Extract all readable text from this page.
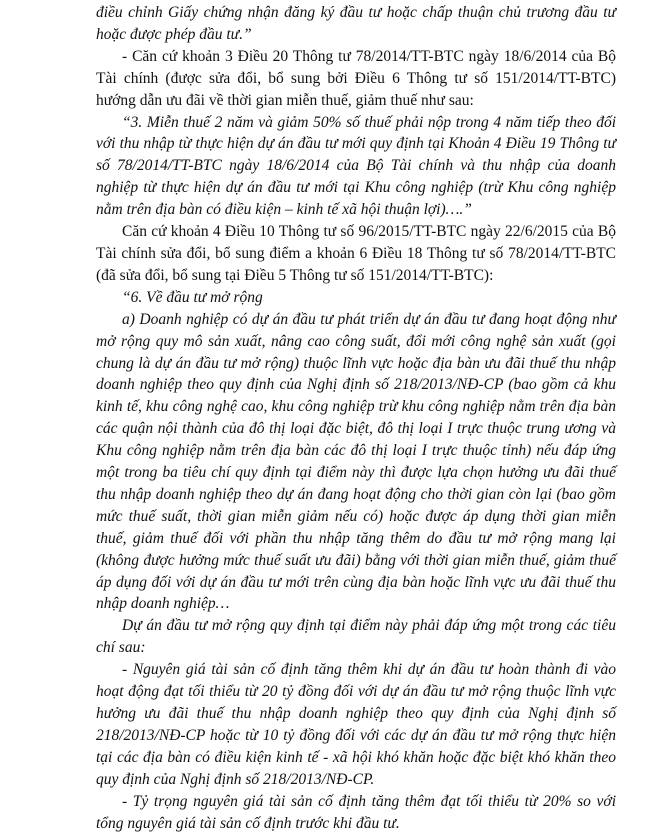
điều chỉnh Giấy chứng nhận đăng ký đầu tư hoặc chấp thuận chủ trương đầu tư hoặc được phép đầu tư.”

- Căn cứ khoản 3 Điều 20 Thông tư 78/2014/TT-BTC ngày 18/6/2014 của Bộ Tài chính (được sửa đổi, bổ sung bởi Điều 6 Thông tư số 151/2014/TT-BTC) hướng dẫn ưu đãi về thời gian miễn thuế, giảm thuế như sau:

“3. Miễn thuế 2 năm và giảm 50% số thuế phải nộp trong 4 năm tiếp theo đối với thu nhập từ thực hiện dự án đầu tư mới quy định tại Khoản 4 Điều 19 Thông tư số 78/2014/TT-BTC ngày 18/6/2014 của Bộ Tài chính và thu nhập của doanh nghiệp từ thực hiện dự án đầu tư mới tại Khu công nghiệp (trừ Khu công nghiệp nằm trên địa bàn có điều kiện – kinh tế xã hội thuận lợi)….”

Căn cứ khoản 4 Điều 10 Thông tư số 96/2015/TT-BTC ngày 22/6/2015 của Bộ Tài chính sửa đổi, bổ sung điểm a khoản 6 Điều 18 Thông tư số 78/2014/TT-BTC (đã sửa đổi, bổ sung tại Điều 5 Thông tư số 151/2014/TT-BTC):

“6. Về đầu tư mở rộng

a) Doanh nghiệp có dự án đầu tư phát triển dự án đầu tư đang hoạt động như mở rộng quy mô sản xuất, nâng cao công suất, đổi mới công nghệ sản xuất (gọi chung là dự án đầu tư mở rộng) thuộc lĩnh vực hoặc địa bàn ưu đãi thuế thu nhập doanh nghiệp theo quy định của Nghị định số 218/2013/NĐ-CP (bao gồm cả khu kinh tế, khu công nghệ cao, khu công nghiệp trừ khu công nghiệp nằm trên địa bàn các quận nội thành của đô thị loại đặc biệt, đô thị loại I trực thuộc trung ương và Khu công nghiệp nằm trên địa bàn các đô thị loại I trực thuộc tỉnh) nếu đáp ứng một trong ba tiêu chí quy định tại điểm này thì được lựa chọn hưởng ưu đãi thuế thu nhập doanh nghiệp theo dự án đang hoạt động cho thời gian còn lại (bao gồm mức thuế suất, thời gian miễn giảm nếu có) hoặc được áp dụng thời gian miễn thuế, giảm thuế đối với phần thu nhập tăng thêm do đầu tư mở rộng mang lại (không được hưởng mức thuế suất ưu đãi) bằng với thời gian miễn thuế, giảm thuế áp dụng đối với dự án đầu tư mới trên cùng địa bàn hoặc lĩnh vực ưu đãi thuế thu nhập doanh nghiệp…

Dự án đầu tư mở rộng quy định tại điểm này phải đáp ứng một trong các tiêu chí sau:

- Nguyên giá tài sản cố định tăng thêm khi dự án đầu tư hoàn thành đi vào hoạt động đạt tối thiểu từ 20 tỷ đồng đối với dự án đầu tư mở rộng thuộc lĩnh vực hưởng ưu đãi thuế thu nhập doanh nghiệp theo quy định của Nghị định số 218/2013/NĐ-CP hoặc từ 10 tỷ đồng đối với các dự án đầu tư mở rộng thực hiện tại các địa bàn có điều kiện kinh tế - xã hội khó khăn hoặc đặc biệt khó khăn theo quy định của Nghị định số 218/2013/NĐ-CP.

- Tỷ trọng nguyên giá tài sản cố định tăng thêm đạt tối thiểu từ 20% so với tổng nguyên giá tài sản cố định trước khi đầu tư.
